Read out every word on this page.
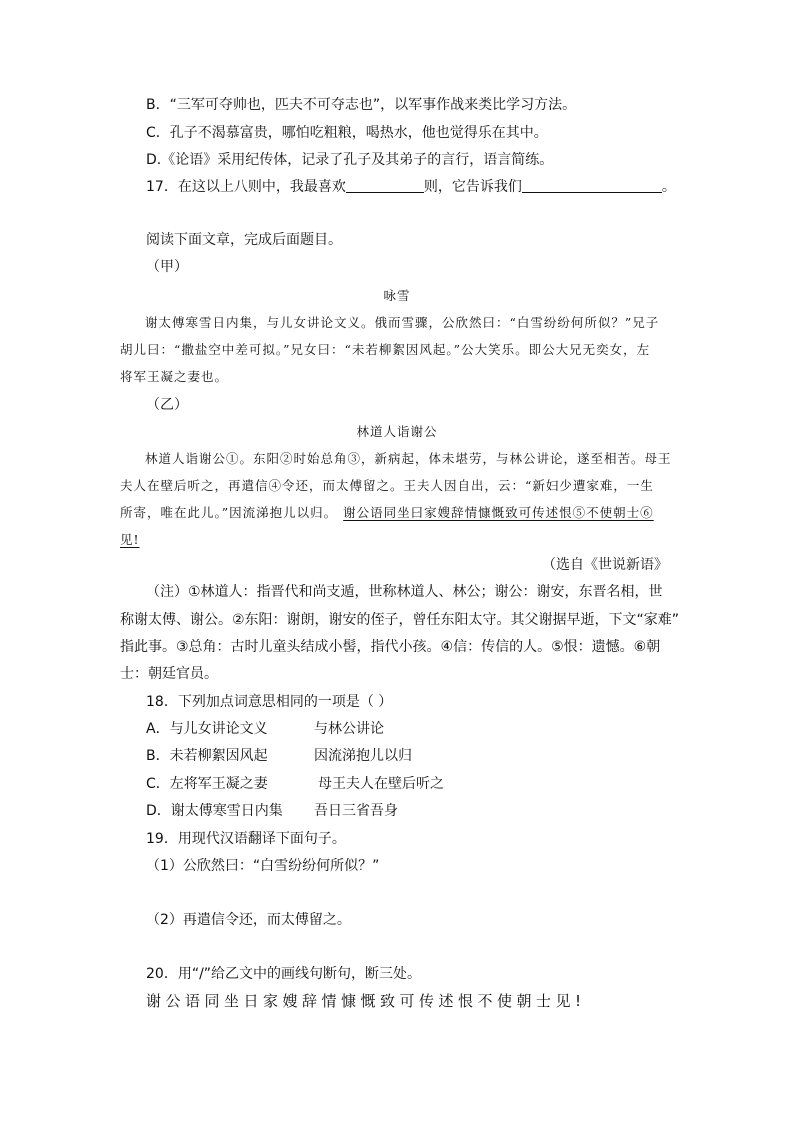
B．“三军可夺帅也，匹夫不可夺志也”，以军事作战来类比学习方法。
C．孔子不渴慕富贵，哪怕吃粗粮，喝热水，他也觉得乐在其中。
D.《论语》采用纪传体，记录了孔子及其弟子的言行，语言简练。
17．在这以上八则中，我最喜欢	则，它告诉我们	。
阅读下面文章，完成后面题目。
（甲）
咏雪
谢太傅寒雪日内集，与儿女讲论文义。俄而雪骤，公欣然曰：“白雪纷纷何所似？”兄子
胡儿曰：“撒盐空中差可拟。”兄女曰：“未若柳絮因风起。”公大笑乐。即公大兄无奕女，左
将军王凝之妻也。
（乙）
林道人诣谢公
林道人诣谢公①。东阳②时始总角③，新病起，体未堪劳，与林公讲论，遂至相苦。母王
夫人在壁后听之，再遣信④令还，而太傅留之。王夫人因自出，云：“新妇少遭家难，一生
所寄，唯在此儿。”因流涕抱儿以归。 谢公语同坐曰家嫂辞情慷慨致可传述恨⑤不使朝士⑥
见!
（选自《世说新语》
（注）①林道人：指晋代和尚支遁，世称林道人、林公；谢公：谢安，东晋名相，世
称谢太傅、谢公。②东阳：谢朗，谢安的侄子，曾任东阳太守。其父谢据早逝，下文“家难”
指此事。③总角：古时儿童头结成小髻，指代小孩。④信：传信的人。⑤恨：遗憾。⑥朝
士：朝廷官员。
18．下列加点词意思相同的一项是（ ）
A．与儿女讲论文义	与林公讲论
B．未若柳絮因风起	因流涕抱儿以归
C．左将军王凝之妻	母王夫人在壁后听之
D．谢太傅寒雪日内集 吾日三省吾身
19．用现代汉语翻译下面句子。
（1）公欣然曰：“白雪纷纷何所似？”
（2）再遣信令还，而太傅留之。
20．用“/”给乙文中的画线句断句，断三处。
谢公语同坐日家嫂辞情慷慨致可传述恨不使朝士见!
